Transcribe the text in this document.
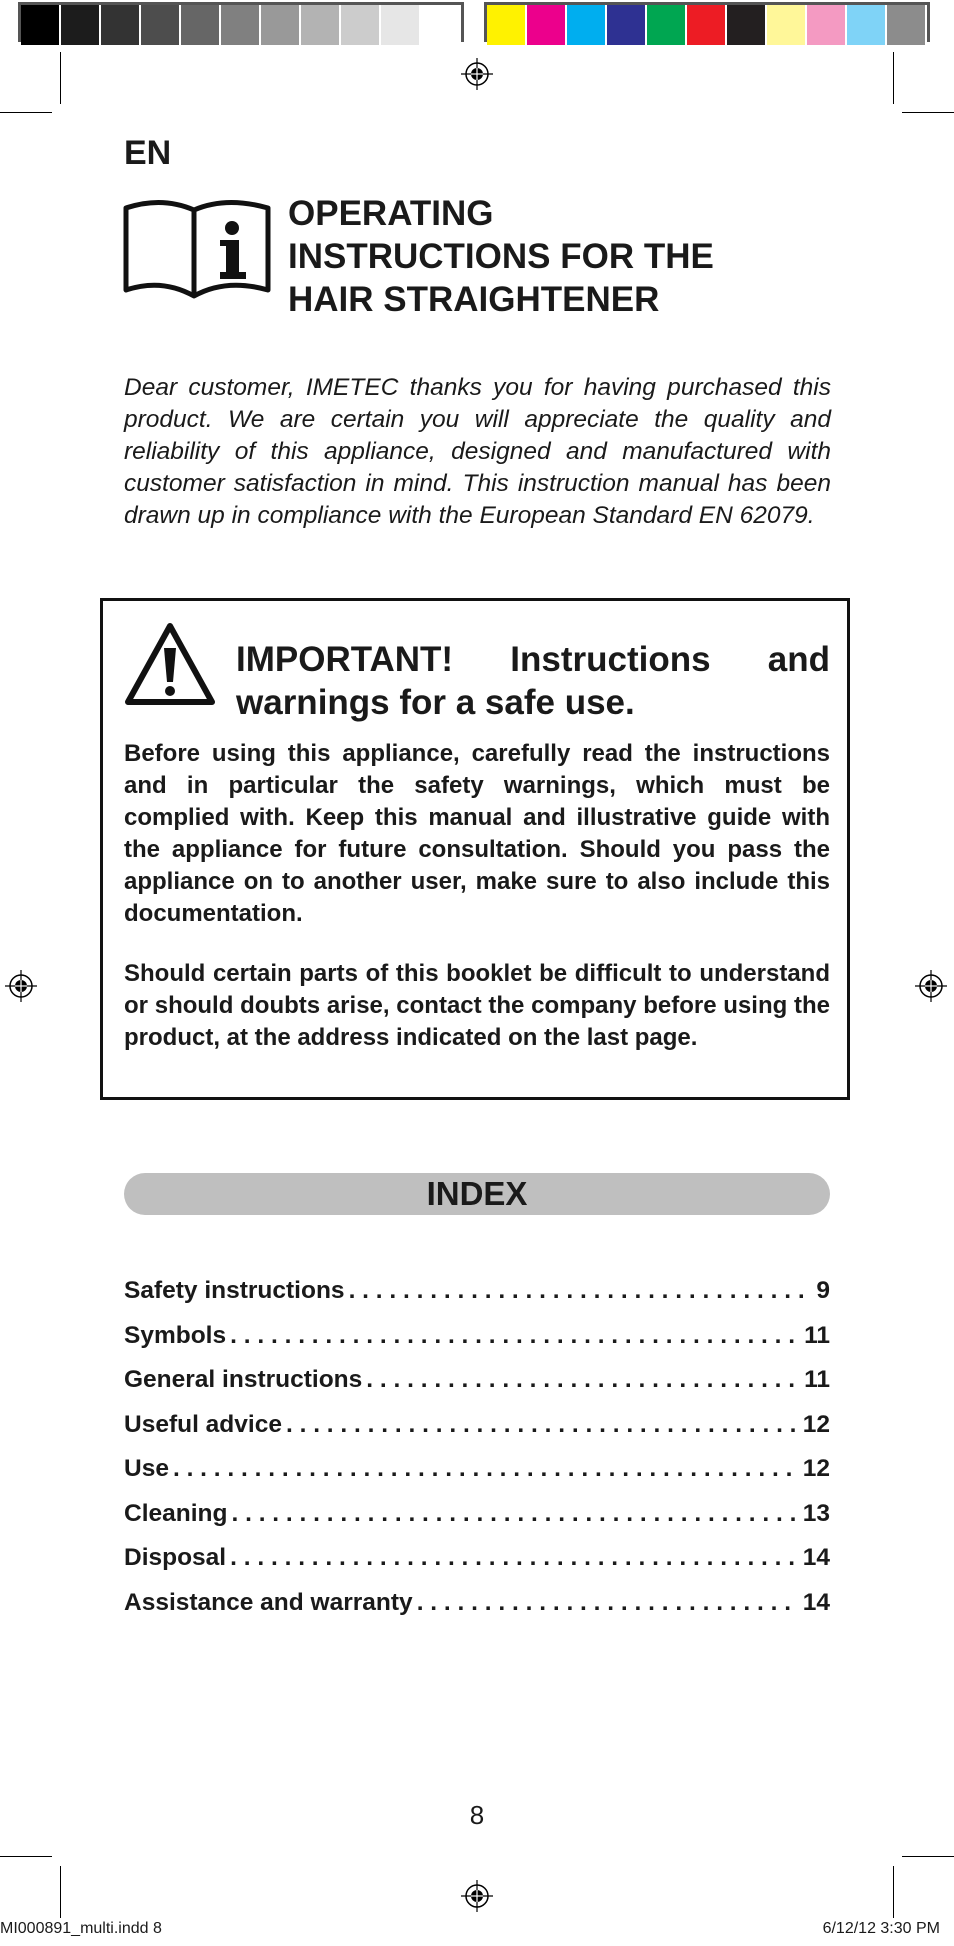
EN
OPERATING
INSTRUCTIONS FOR THE
HAIR STRAIGHTENER
Dear customer, IMETEC thanks you for having purchased this product. We are certain you will appreciate the quality and reliability of this appliance, designed and manufactured with customer satisfaction in mind. This instruction manual has been drawn up in compliance with the European Standard EN 62079.
IMPORTANT! Instructions and
warnings for a safe use.
Before using this appliance, carefully read the instructions and in particular the safety warnings, which must be complied with. Keep this manual and illustrative guide with the appliance for future consultation. Should you pass the appliance on to another user, make sure to also include this documentation.
Should certain parts of this booklet be difficult to understand or should doubts arise, contact the company before using the product, at the address indicated on the last page.
INDEX
Safety instructions . . .	9
Symbols . . .	11
General instructions . . .	11
Useful advice . . .	12
Use . . .	12
Cleaning . . .	13
Disposal . . .	14
Assistance and warranty . . .	14
8
MI000891_multi.indd 8	6/12/12 3:30 PM
